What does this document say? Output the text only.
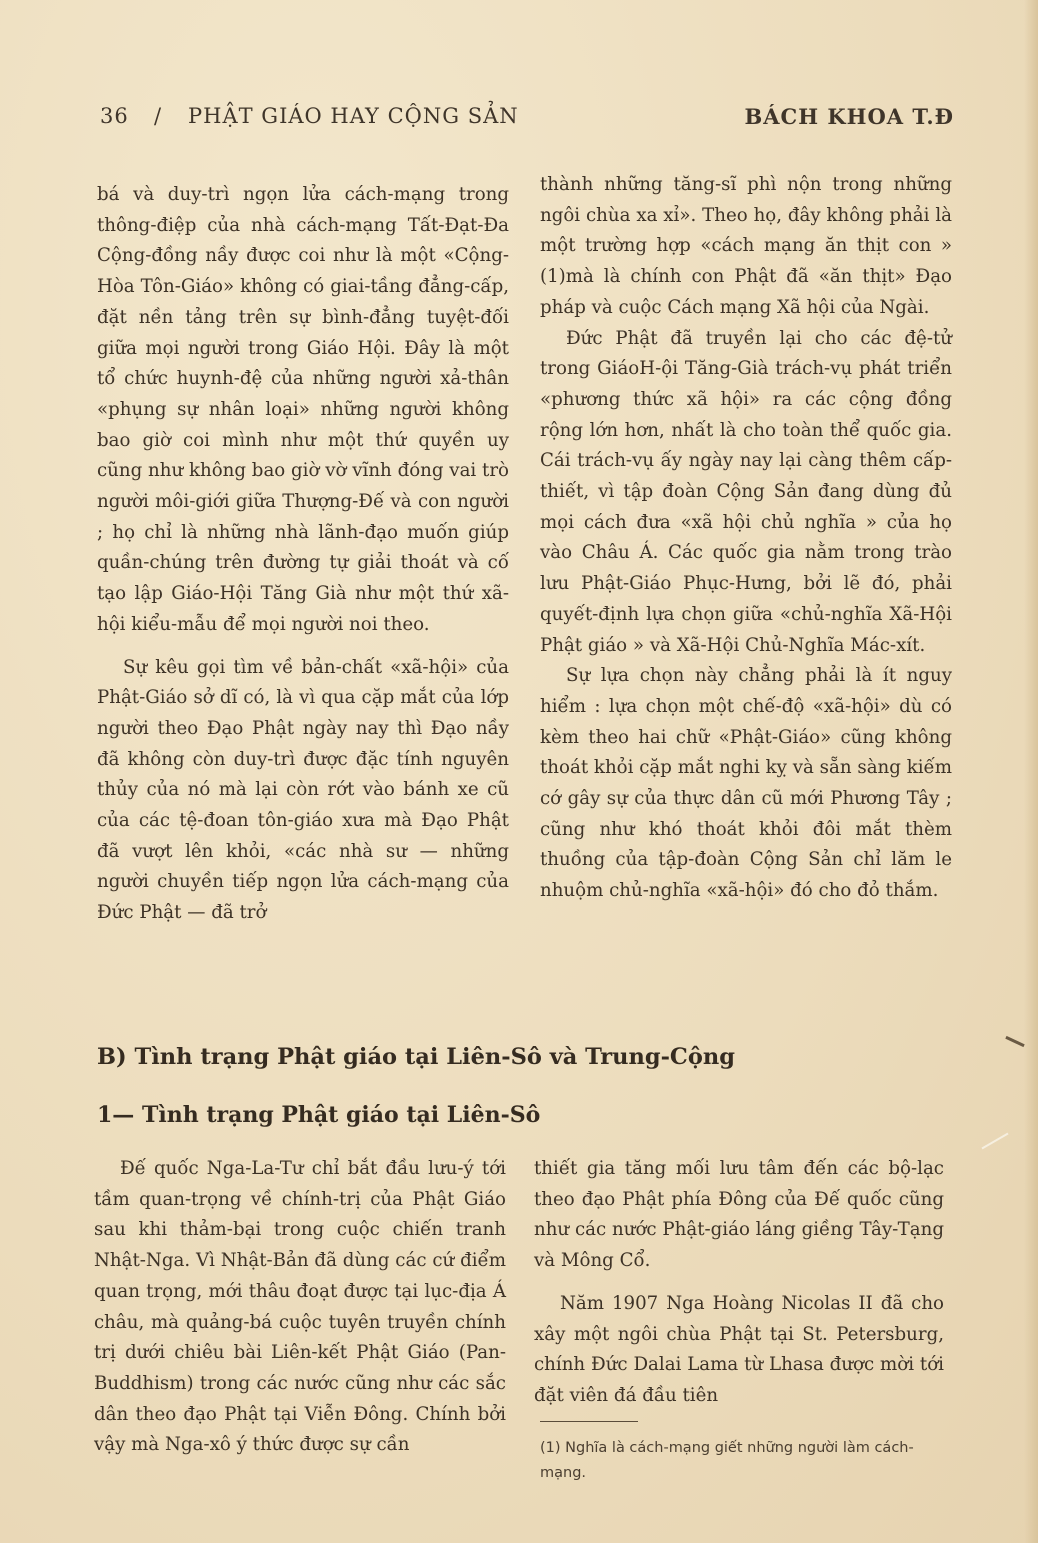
36 / PHẬT GIÁO HAY CỘNG SẢN	BÁCH KHOA T.Đ

bá và duy-trì ngọn lửa cách-mạng trong thông-điệp của nhà cách-mạng Tất-Đạt-Đa Cộng-đồng nầy được coi như là một «Cộng-Hòa Tôn-Giáo» không có giai-tầng đẳng-cấp, đặt nền tảng trên sự bình-đẳng tuyệt-đối giữa mọi người trong Giáo Hội. Đây là một tổ chức huynh-đệ của những người xả-thân «phụng sự nhân loại» những người không bao giờ coi mình như một thứ quyền uy cũng như không bao giờ vờ vĩnh đóng vai trò người môi-giới giữa Thượng-Đế và con người ; họ chỉ là những nhà lãnh-đạo muốn giúp quần-chúng trên đường tự giải thoát và cố tạo lập Giáo-Hội Tăng Già như một thứ xã-hội kiểu-mẫu để mọi người noi theo.

Sự kêu gọi tìm về bản-chất «xã-hội» của Phật-Giáo sở dĩ có, là vì qua cặp mắt của lớp người theo Đạo Phật ngày nay thì Đạo nầy đã không còn duy-trì được đặc tính nguyên thủy của nó mà lại còn rớt vào bánh xe cũ của các tệ-đoan tôn-giáo xưa mà Đạo Phật đã vượt lên khỏi, «các nhà sư — những người chuyền tiếp ngọn lửa cách-mạng của Đức Phật — đã trở

thành những tăng-sĩ phì nộn trong những ngôi chùa xa xỉ». Theo họ, đây không phải là một trường hợp «cách mạng ăn thịt con » (1)mà là chính con Phật đã «ăn thịt» Đạo pháp và cuộc Cách mạng Xã hội của Ngài.

Đức Phật đã truyền lại cho các đệ-tử trong GiáoH-ội Tăng-Già trách-vụ phát triển «phương thức xã hội» ra các cộng đồng rộng lớn hơn, nhất là cho toàn thể quốc gia. Cái trách-vụ ấy ngày nay lại càng thêm cấp-thiết, vì tập đoàn Cộng Sản đang dùng đủ mọi cách đưa «xã hội chủ nghĩa » của họ vào Châu Á. Các quốc gia nằm trong trào lưu Phật-Giáo Phục-Hưng, bởi lẽ đó, phải quyết-định lựa chọn giữa «chủ-nghĩa Xã-Hội Phật giáo » và Xã-Hội Chủ-Nghĩa Mác-xít.

Sự lựa chọn này chẳng phải là ít nguy hiểm : lựa chọn một chế-độ «xã-hội» dù có kèm theo hai chữ «Phật-Giáo» cũng không thoát khỏi cặp mắt nghi kỵ và sẵn sàng kiếm cớ gây sự của thực dân cũ mới Phương Tây ; cũng như khó thoát khỏi đôi mắt thèm thuồng của tập-đoàn Cộng Sản chỉ lăm le nhuộm chủ-nghĩa «xã-hội» đó cho đỏ thắm.

B) Tình trạng Phật giáo tại Liên-Sô và Trung-Cộng
1— Tình trạng Phật giáo tại Liên-Sô

Đế quốc Nga-La-Tư chỉ bắt đầu lưu-ý tới tầm quan-trọng về chính-trị của Phật Giáo sau khi thảm-bại trong cuộc chiến tranh Nhật-Nga. Vì Nhật-Bản đã dùng các cứ điểm quan trọng, mới thâu đoạt được tại lục-địa Á châu, mà quảng-bá cuộc tuyên truyền chính trị dưới chiêu bài Liên-kết Phật Giáo (Pan-Buddhism) trong các nước cũng như các sắc dân theo đạo Phật tại Viễn Đông. Chính bởi vậy mà Nga-xô ý thức được sự cần

thiết gia tăng mối lưu tâm đến các bộ-lạc theo đạo Phật phía Đông của Đế quốc cũng như các nước Phật-giáo láng giềng Tây-Tạng và Mông Cổ.

Năm 1907 Nga Hoàng Nicolas II đã cho xây một ngôi chùa Phật tại St. Petersburg, chính Đức Dalai Lama từ Lhasa được mời tới đặt viên đá đầu tiên

(1) Nghĩa là cách-mạng giết những người làm cách-mạng.
